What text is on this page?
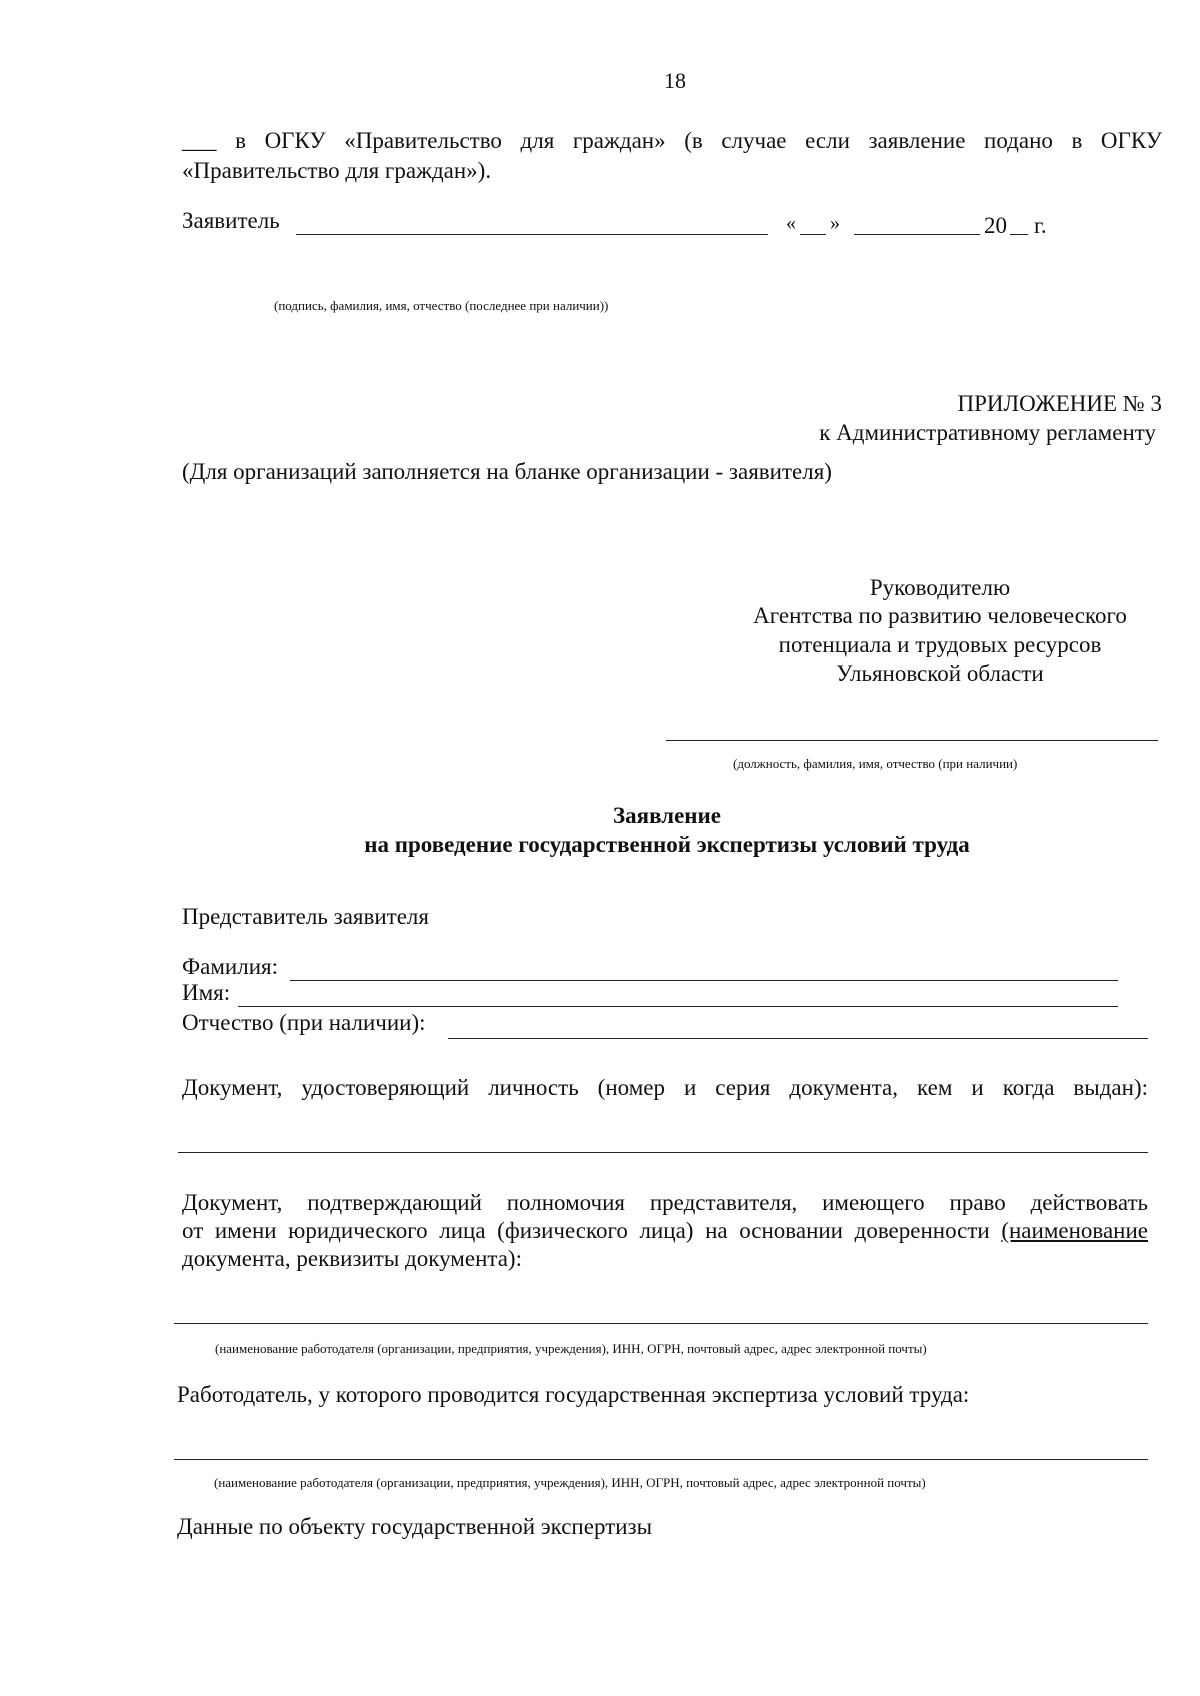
18
___ в ОГКУ «Правительство для граждан» (в случае если заявление подано в ОГКУ
«Правительство для граждан»).
Заявитель	« »	20 г.
(подпись, фамилия, имя, отчество (последнее при наличии))
ПРИЛОЖЕНИЕ № 3
к Административному регламенту
(Для организаций заполняется на бланке организации - заявителя)
Руководителю
Агентства по развитию человеческого
потенциала и трудовых ресурсов
Ульяновской области
(должность, фамилия, имя, отчество (при наличии)
Заявление
на проведение государственной экспертизы условий труда
Представитель заявителя
Фамилия:
Имя:
Отчество (при наличии):
Документ, удостоверяющий личность (номер и серия документа, кем и когда выдан):
Документ, подтверждающий полномочия представителя, имеющего право действовать
от имени юридического лица (физического лица) на основании доверенности (наименование
документа, реквизиты документа):
(наименование работодателя (организации, предприятия, учреждения), ИНН, ОГРН, почтовый адрес, адрес электронной почты)
Работодатель, у которого проводится государственная экспертиза условий труда:
(наименование работодателя (организации, предприятия, учреждения), ИНН, ОГРН, почтовый адрес, адрес электронной почты)
Данные по объекту государственной экспертизы
